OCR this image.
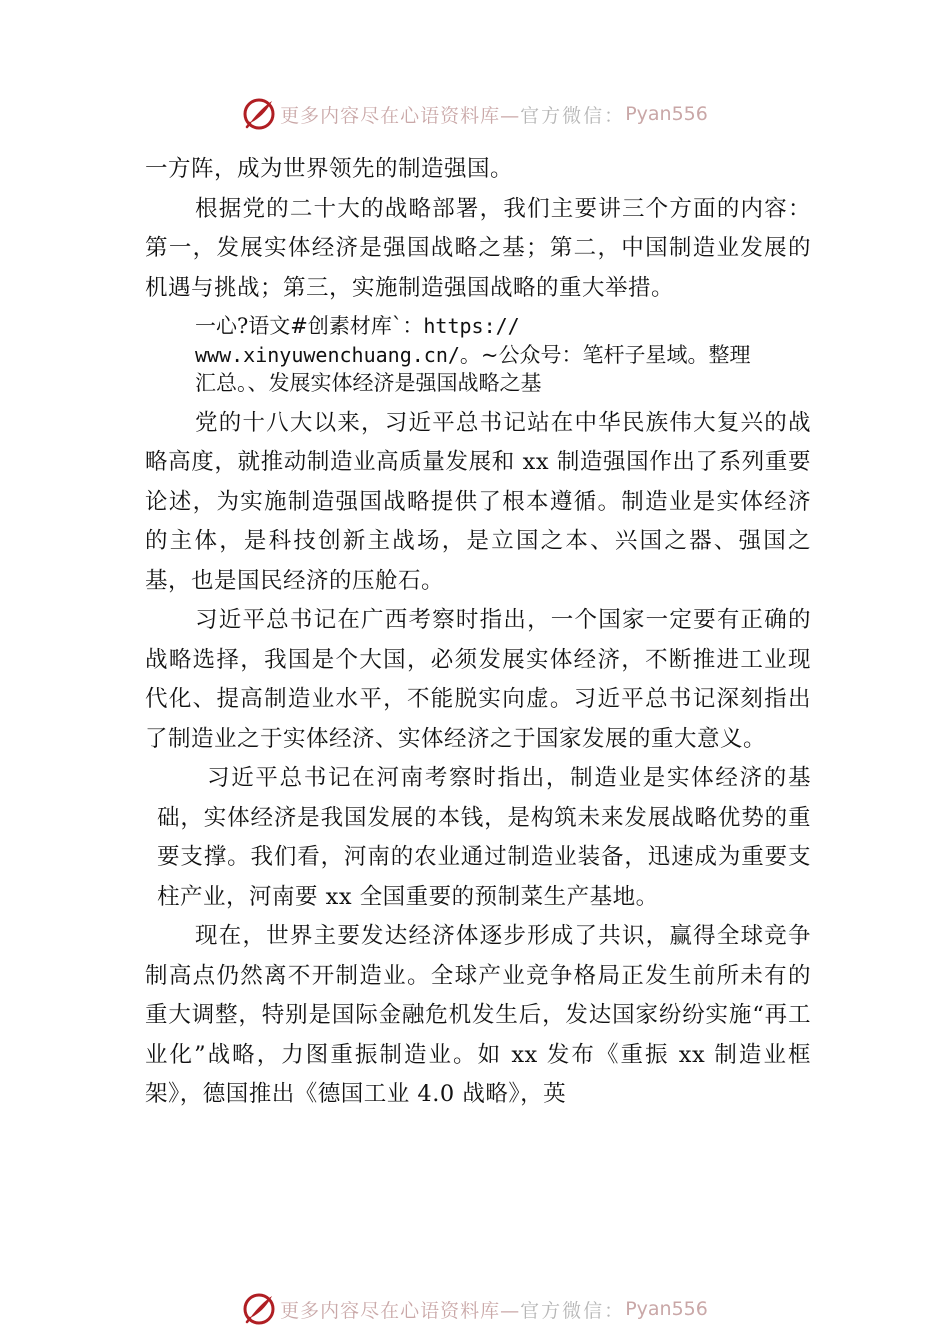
更多内容尽在心语资料库— 官方微信： Pyan556

一方阵，成为世界领先的制造强国。

根据党的二十大的战略部署，我们主要讲三个方面的内容：第一，发展实体经济是强国战略之基；第二，中国制造业发展的机遇与挑战；第三，实施制造强国战略的重大举措。

一心?语文#创素材库`：https://
www.xinyuwenchuang.cn/。~公众号：笔杆子星域。整理
汇总。、发展实体经济是强国战略之基

党的十八大以来，习近平总书记站在中华民族伟大复兴的战略高度，就推动制造业高质量发展和 xx 制造强国作出了系列重要论述，为实施制造强国战略提供了根本遵循。制造业是实体经济的主体，是科技创新主战场，是立国之本、兴国之器、强国之基，也是国民经济的压舱石。

习近平总书记在广西考察时指出，一个国家一定要有正确的战略选择，我国是个大国，必须发展实体经济，不断推进工业现代化、提高制造业水平，不能脱实向虚。习近平总书记深刻指出了制造业之于实体经济、实体经济之于国家发展的重大意义。

习近平总书记在河南考察时指出，制造业是实体经济的基础，实体经济是我国发展的本钱，是构筑未来发展战略优势的重要支撑。我们看，河南的农业通过制造业装备，迅速成为重要支柱产业，河南要 xx 全国重要的预制菜生产基地。

现在，世界主要发达经济体逐步形成了共识，赢得全球竞争制高点仍然离不开制造业。全球产业竞争格局正发生前所未有的重大调整，特别是国际金融危机发生后，发达国家纷纷实施“再工业化”战略，力图重振制造业。如 xx 发布《重振 xx 制造业框架》，德国推出《德国工业 4.0 战略》，英

更多内容尽在心语资料库— 官方微信： Pyan556
